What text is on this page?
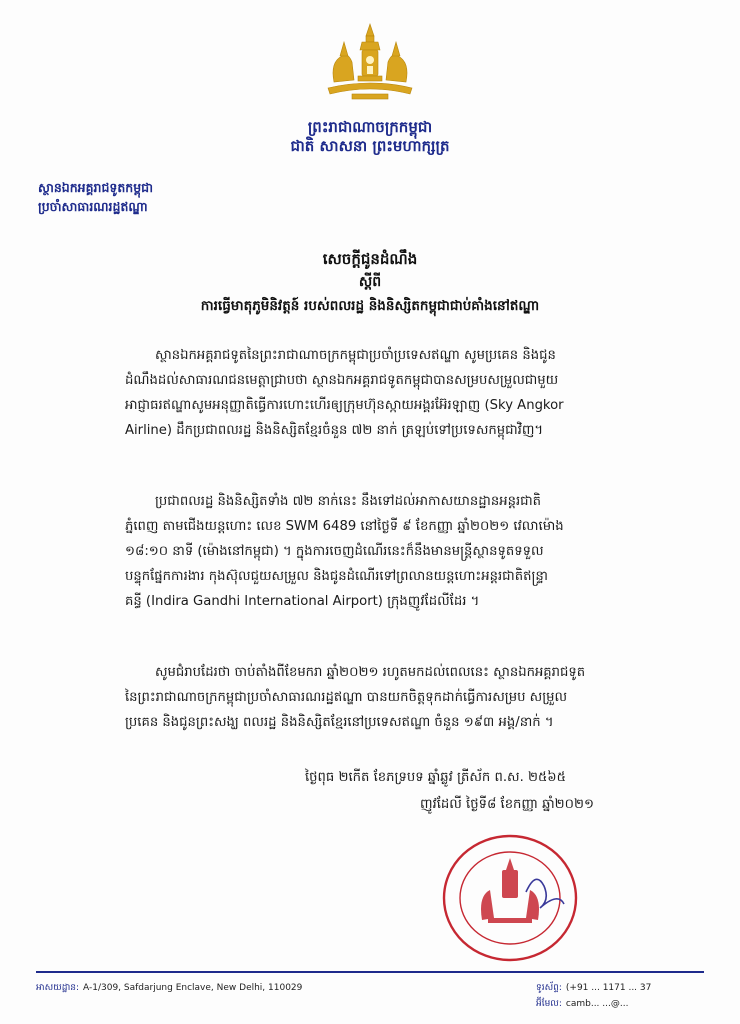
ព្រះរាជាណាចក្រកម្ពុជា
ជាតិ សាសនា ព្រះមហាក្សត្រ
ស្ថានឯកអគ្គរាជទូតកម្ពុជា
ប្រចាំសាធារណរដ្ឋឥណ្ឌា
សេចក្តីជូនដំណឹង
ស្តីពី
ការធ្វើមាតុភូមិនិវត្តន៍ របស់ពលរដ្ឋ និងនិស្សិតកម្ពុជាជាប់គាំងនៅឥណ្ឌា
ស្ថានឯកអគ្គរាជទូតនៃព្រះរាជាណាចក្រកម្ពុជាប្រចាំប្រទេសឥណ្ឌា សូមប្រគេន និងជូន
ដំណឹងដល់សាធារណជនមេត្តាជ្រាបថា ស្ថានឯកអគ្គរាជទូតកម្ពុជាបានសម្របសម្រួលជាមួយ
អាជ្ញាធរឥណ្ឌាសូមអនុញ្ញាតិធ្វើការហោះហើរឲ្យក្រុមហ៊ុនស្កាយអង្គរអ៊ែរឡាញ (Sky Angkor
Airline) ដឹកប្រជាពលរដ្ឋ និងនិស្សិតខ្មែរចំនួន ៧២ នាក់ ត្រឡប់ទៅប្រទេសកម្ពុជាវិញ។
ប្រជាពលរដ្ឋ និងនិស្សិតទាំង ៧២ នាក់នេះ នឹងទៅដល់អាកាសយានដ្ឋានអន្តរជាតិ
ភ្នំពេញ តាមជើងយន្តហោះ លេខ SWM 6489 នៅថ្ងៃទី ៩ ខែកញ្ញា ឆ្នាំ២០២១ វេលាម៉ោង
១៨:១០ នាទី (ម៉ោងនៅកម្ពុជា) ។ ក្នុងការចេញដំណើរនេះក៏នឹងមានមន្ត្រីស្ថានទូតទទួល
បន្ទុកផ្នែកការងារ កុងស៊ុលជួយសម្រួល និងជូនដំណើរទៅព្រលានយន្តហោះអន្តរជាតិឥន្ទ្រា
គន្ធី (Indira Gandhi International Airport) ក្រុងញូវដែលីដែរ ។
សូមជំរាបដែរថា ចាប់តាំងពីខែមករា ឆ្នាំ២០២១ រហូតមកដល់ពេលនេះ ស្ថានឯកអគ្គរាជទូត
នៃព្រះរាជាណាចក្រកម្ពុជាប្រចាំសាធារណរដ្ឋឥណ្ឌា បានយកចិត្តទុកដាក់ធ្វើការសម្រប សម្រួល
ប្រគេន និងជូនព្រះសង្ឃ ពលរដ្ឋ និងនិស្សិតខ្មែរនៅប្រទេសឥណ្ឌា ចំនួន ១៩៣ អង្គ/នាក់ ។
ថ្ងៃពុធ ២កើត ខែភទ្របទ ឆ្នាំឆ្លូវ ត្រីស័ក ព.ស. ២៥៦៥
ញូវដែលី ថ្ងៃទី៨ ខែកញ្ញា ឆ្នាំ២០២១
អាសយដ្ឋាន: A-1/309, Safdarjung Enclave, New Delhi, 110029	ទូរស័ព្ទ: (+91 ... 1171 ... 37
អ៊ីមែល: camb... ...@...
